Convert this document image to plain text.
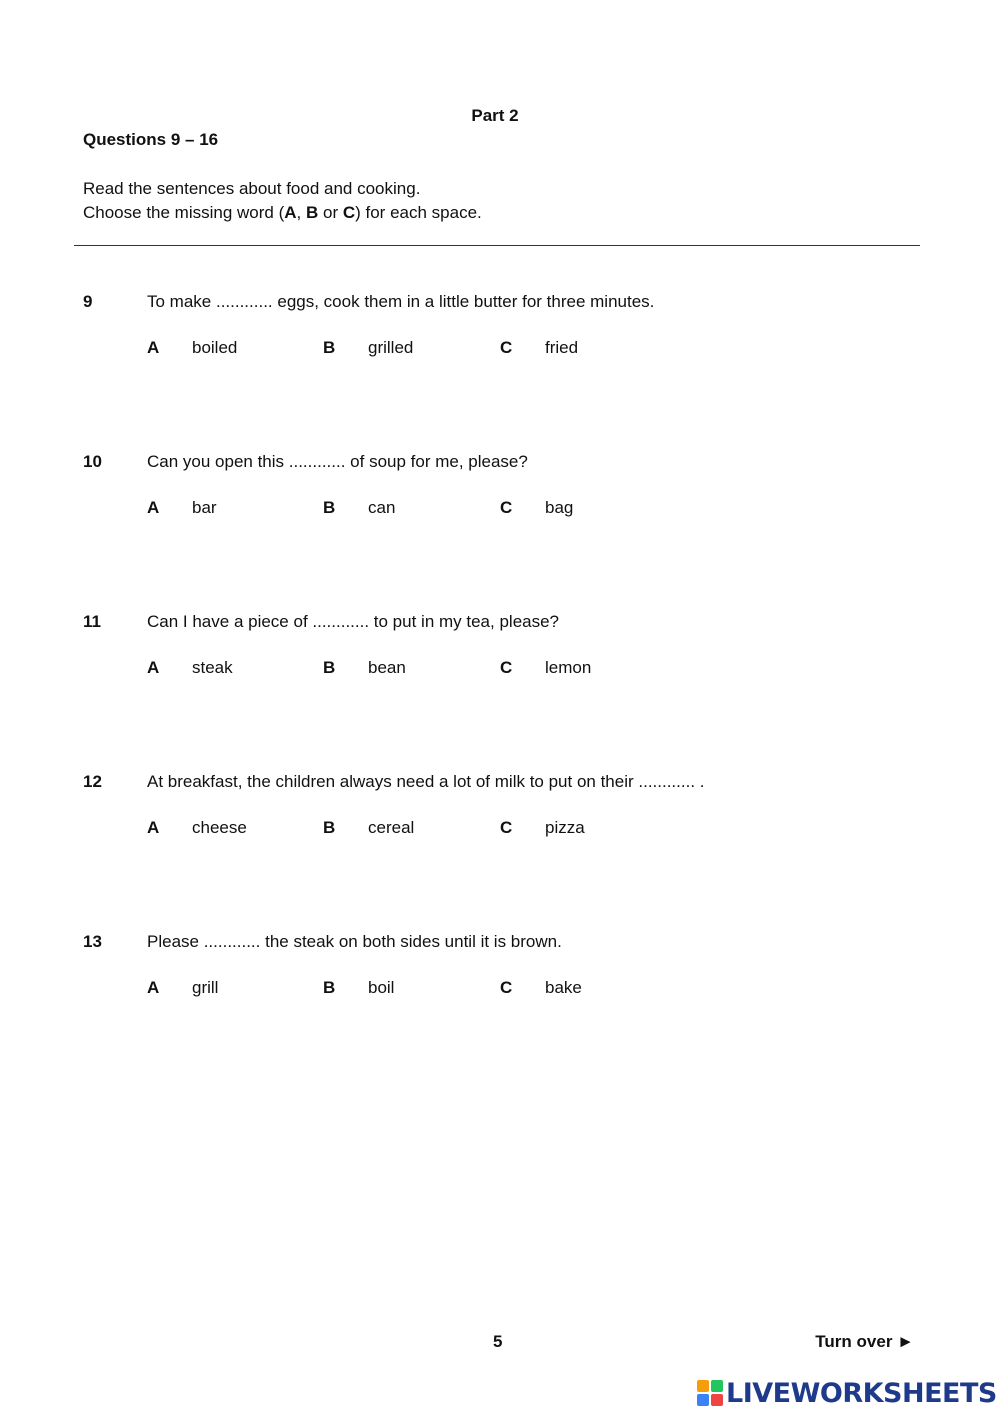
Part 2
Questions 9 – 16
Read the sentences about food and cooking.
Choose the missing word (A, B or C) for each space.
9	To make ............ eggs, cook them in a little butter for three minutes.
A boiled	B grilled	C fried
10	Can you open this ............ of soup for me, please?
A bar	B can	C bag
11	Can I have a piece of ............ to put in my tea, please?
A steak	B bean	C lemon
12	At breakfast, the children always need a lot of milk to put on their ............ .
A cheese	B cereal	C pizza
13	Please ............ the steak on both sides until it is brown.
A grill	B boil	C bake
5	Turn over ►
LIVEWORKSHEETS
